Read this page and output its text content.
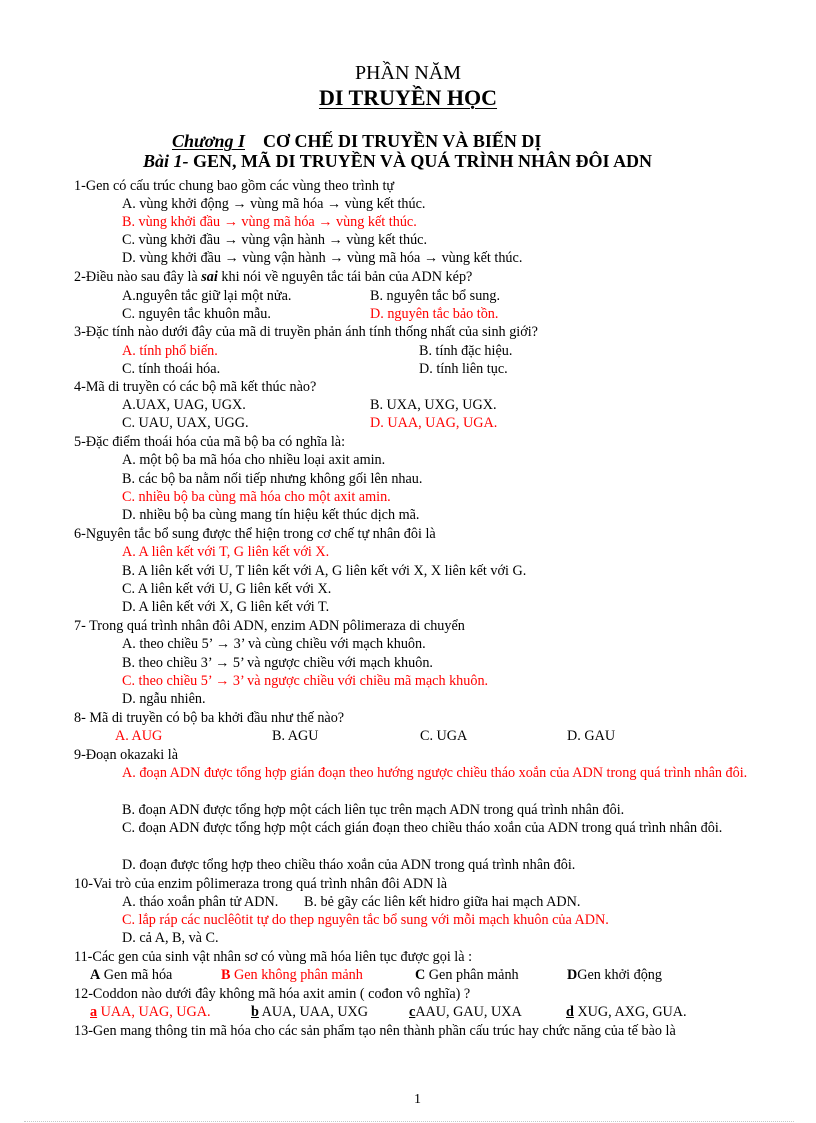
PHẦN NĂM
DI TRUYỀN HỌC
Chương I CƠ CHẾ DI TRUYỀN VÀ BIẾN DỊ
Bài 1- GEN, MÃ DI TRUYỀN VÀ QUÁ TRÌNH NHÂN ĐÔI ADN
1-Gen có cấu trúc chung bao gồm các vùng theo trình tự
A. vùng khởi động → vùng mã hóa → vùng kết thúc.
B. vùng khởi đầu → vùng mã hóa → vùng kết thúc.
C. vùng khởi đầu → vùng vận hành → vùng kết thúc.
D. vùng khởi đầu → vùng vận hành → vùng mã hóa → vùng kết thúc.
2-Điều nào sau đây là sai khi nói về nguyên tắc tái bản của ADN kép?
A.nguyên tắc giữ lại một nửa.	B. nguyên tắc bổ sung.
C. nguyên tắc khuôn mẫu.	D. nguyên tắc bảo tồn.
3-Đặc tính nào dưới đây của mã di truyền phản ánh tính thống nhất của sinh giới?
A. tính phổ biến.	B. tính đặc hiệu.
C. tính thoái hóa.	D. tính liên tục.
4-Mã di truyền có các bộ mã kết thúc nào?
A.UAX, UAG, UGX.	B. UXA, UXG, UGX.
C. UAU, UAX, UGG.	D. UAA, UAG, UGA.
5-Đặc điểm thoái hóa của mã bộ ba có nghĩa là:
A. một bộ ba mã hóa cho nhiều loại axit amin.
B. các bộ ba nằm nối tiếp nhưng không gối lên nhau.
C. nhiều bộ ba cùng mã hóa cho một axit amin.
D. nhiều bộ ba cùng mang tín hiệu kết thúc dịch mã.
6-Nguyên tắc bổ sung được thể hiện trong cơ chế tự nhân đôi là
A. A liên kết với T, G liên kết với X.
B. A liên kết với U, T liên kết với A, G liên kết với X, X liên kết với G.
C. A liên kết với U, G liên kết với X.
D. A liên kết với X, G liên kết với T.
7- Trong quá trình nhân đôi ADN, enzim ADN pôlimeraza di chuyển
A. theo chiều 5’ → 3’ và cùng chiều với mạch khuôn.
B. theo chiều 3’ → 5’ và ngược chiều với mạch khuôn.
C. theo chiều 5’ → 3’ và ngược chiều với chiều mã mạch khuôn.
D. ngẫu nhiên.
8- Mã di truyền có bộ ba khởi đầu như thế nào?
A. AUG	B. AGU	C. UGA	D. GAU
9-Đoạn okazaki là
A. đoạn ADN được tổng hợp gián đoạn theo hướng ngược chiều tháo xoắn của ADN trong quá trình nhân đôi.
B. đoạn ADN được tổng hợp một cách liên tục trên mạch ADN trong quá trình nhân đôi.
C. đoạn ADN được tổng hợp một cách gián đoạn theo chiều tháo xoắn của ADN trong quá trình nhân đôi.
D. đoạn được tổng hợp theo chiều tháo xoắn của ADN trong quá trình nhân đôi.
10-Vai trò của enzim pôlimeraza trong quá trình nhân đôi ADN là
A. tháo xoắn phân tử ADN. B. bẻ gãy các liên kết hidro giữa hai mạch ADN.
C. lắp ráp các nuclêôtit tự do thep nguyên tắc bổ sung với mỗi mạch khuôn của ADN.
D. cả A, B, và C.
11-Các gen của sinh vật nhân sơ có vùng mã hóa liên tục được gọi là :
A Gen mã hóa	B Gen không phân mảnh	C Gen phân mảnh	DGen khởi động
12-Coddon nào dưới đây không mã hóa axit amin ( cođon vô nghĩa) ?
a UAA, UAG, UGA.	b AUA, UAA, UXG	cAAU, GAU, UXA	d XUG, AXG, GUA.
13-Gen mang thông tin mã hóa cho các sản phẩm tạo nên thành phần cấu trúc hay chức năng của tế bào là
1
